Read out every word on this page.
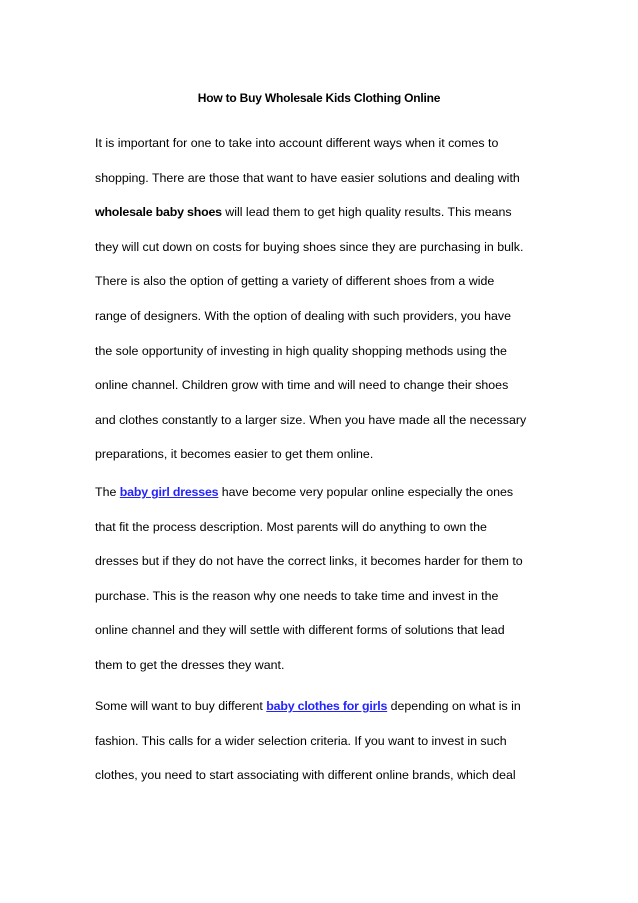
How to Buy Wholesale Kids Clothing Online

It is important for one to take into account different ways when it comes to
shopping. There are those that want to have easier solutions and dealing with
wholesale baby shoes will lead them to get high quality results. This means
they will cut down on costs for buying shoes since they are purchasing in bulk.
There is also the option of getting a variety of different shoes from a wide
range of designers. With the option of dealing with such providers, you have
the sole opportunity of investing in high quality shopping methods using the
online channel. Children grow with time and will need to change their shoes
and clothes constantly to a larger size. When you have made all the necessary
preparations, it becomes easier to get them online.

The baby girl dresses have become very popular online especially the ones
that fit the process description. Most parents will do anything to own the
dresses but if they do not have the correct links, it becomes harder for them to
purchase. This is the reason why one needs to take time and invest in the
online channel and they will settle with different forms of solutions that lead
them to get the dresses they want.

Some will want to buy different baby clothes for girls depending on what is in
fashion. This calls for a wider selection criteria. If you want to invest in such
clothes, you need to start associating with different online brands, which deal
